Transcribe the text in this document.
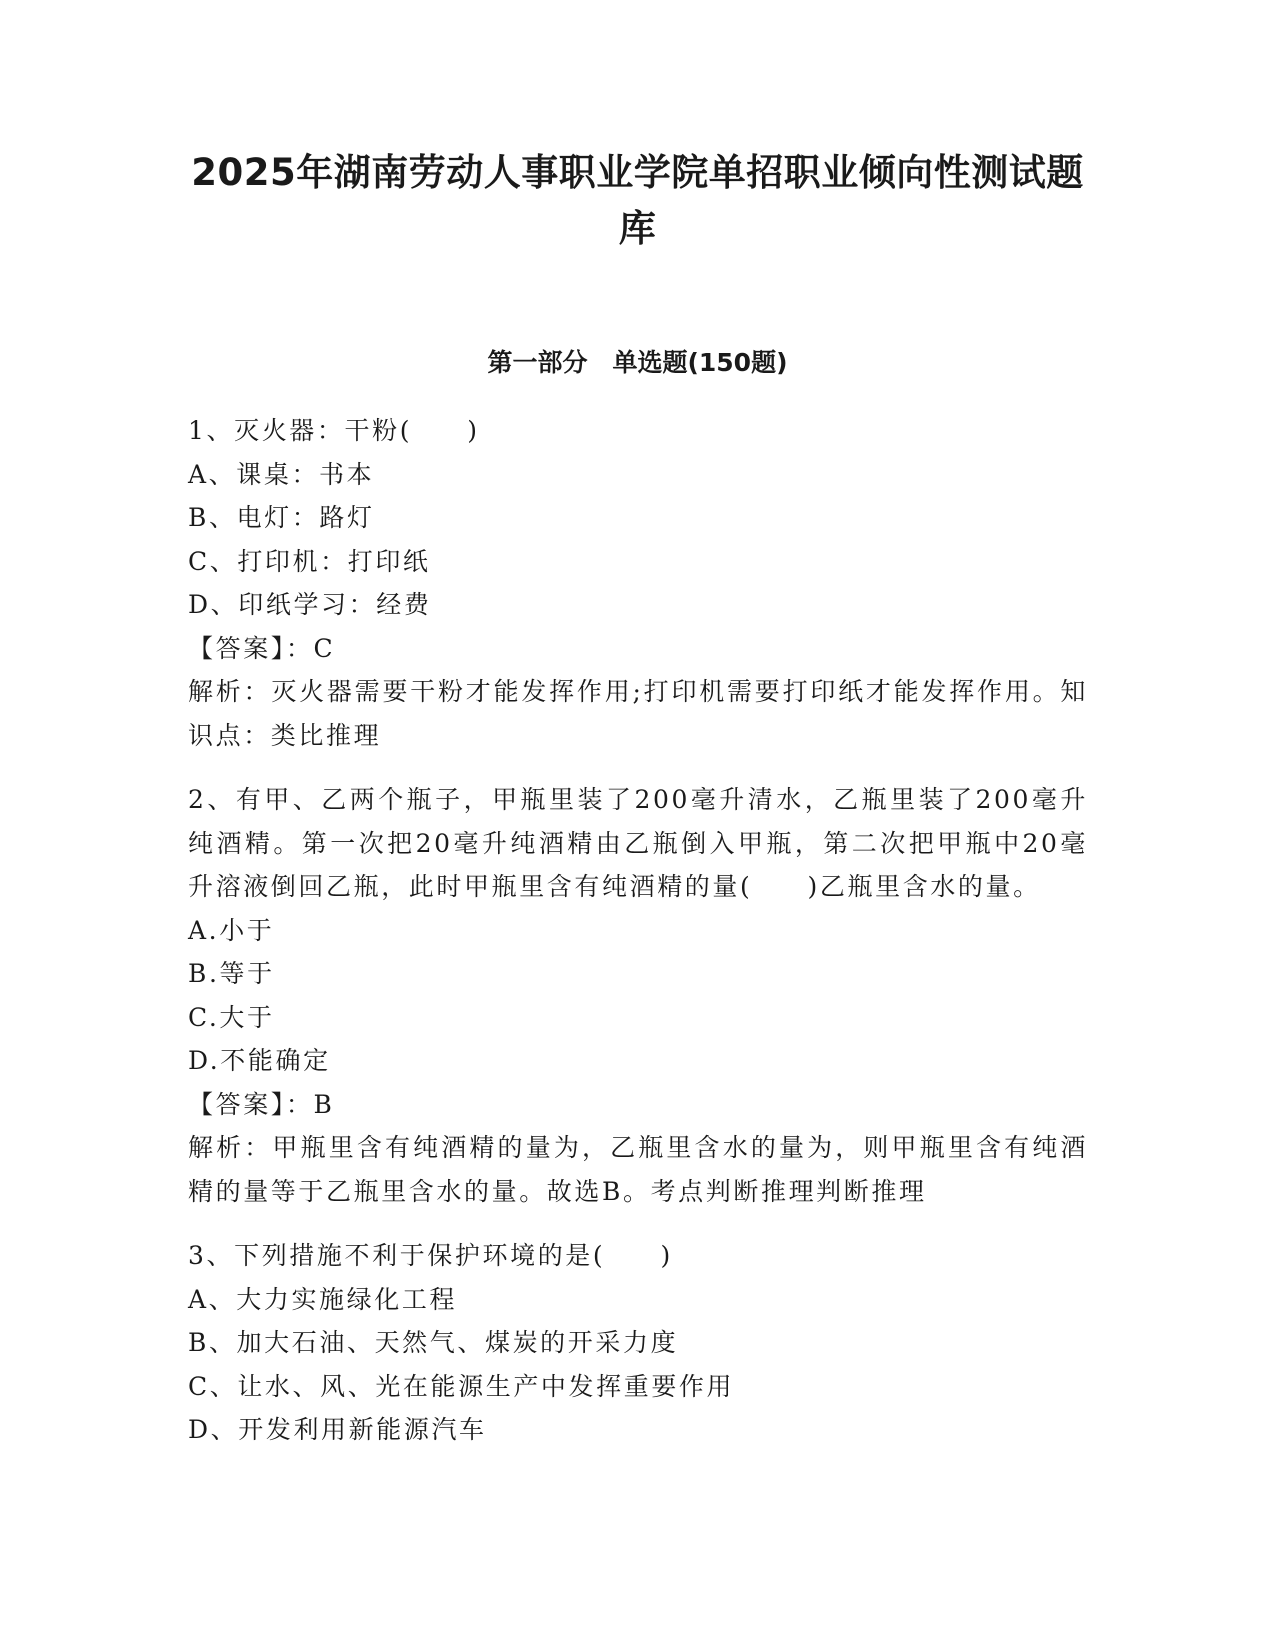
2025年湖南劳动人事职业学院单招职业倾向性测试题
库
第一部分　单选题(150题)
1、灭火器：干粉(　　)
A、课桌：书本
B、电灯：路灯
C、打印机：打印纸
D、印纸学习：经费
【答案】：C
解析：灭火器需要干粉才能发挥作用;打印机需要打印纸才能发挥作用。知识点：类比推理
2、有甲、乙两个瓶子，甲瓶里装了200毫升清水，乙瓶里装了200毫升纯酒精。第一次把20毫升纯酒精由乙瓶倒入甲瓶，第二次把甲瓶中20毫升溶液倒回乙瓶，此时甲瓶里含有纯酒精的量(　　)乙瓶里含水的量。
A.小于
B.等于
C.大于
D.不能确定
【答案】：B
解析：甲瓶里含有纯酒精的量为，乙瓶里含水的量为，则甲瓶里含有纯酒精的量等于乙瓶里含水的量。故选B。考点判断推理判断推理
3、下列措施不利于保护环境的是(　　)
A、大力实施绿化工程
B、加大石油、天然气、煤炭的开采力度
C、让水、风、光在能源生产中发挥重要作用
D、开发利用新能源汽车
